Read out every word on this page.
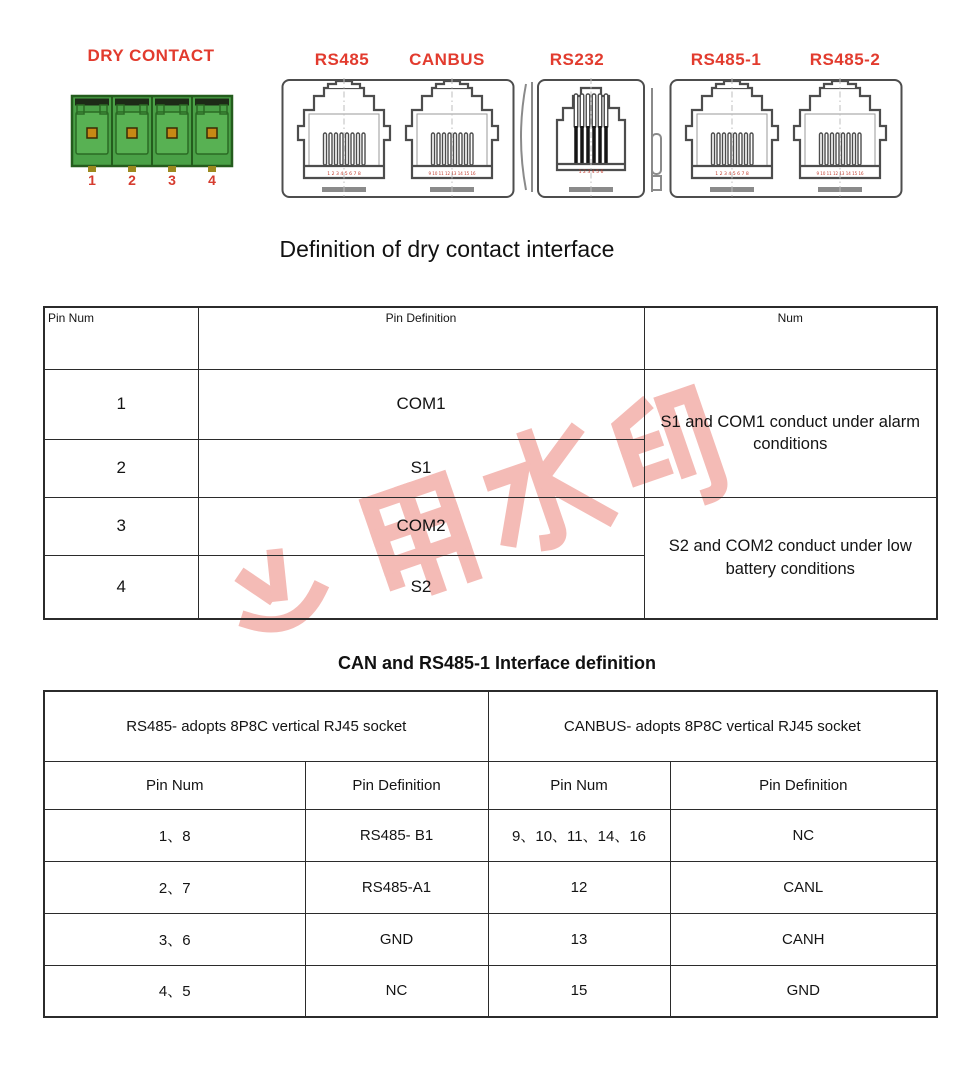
DRY CONTACT	RS485 CANBUS	RS232	RS485-1	RS485-2
1	2	3	4	1 2 3 4 5 6 7 8	9 10 11 12 13 14 15 16	1 2 3 4 5 6	1 2 3 4 5 6 7 8	9 10 11 12 13 14 15 16
Definition of dry contact interface
Pin Num	Pin Definition	Num
1	COM1	S1 and COM1 conduct under alarm conditions
2	S1	
3	COM2	S2 and COM2 conduct under low battery conditions
4	S2	
CAN and RS485-1 Interface definition
RS485- adopts 8P8C vertical RJ45 socket		CANBUS- adopts 8P8C vertical RJ45 socket	
Pin Num	Pin Definition	Pin Num	Pin Definition
1、8	RS485- B1	9、10、11、14、16	NC
2、7	RS485-A1	12	CANL
3、6	GND	13	CANH
4、5	NC	15	GND
